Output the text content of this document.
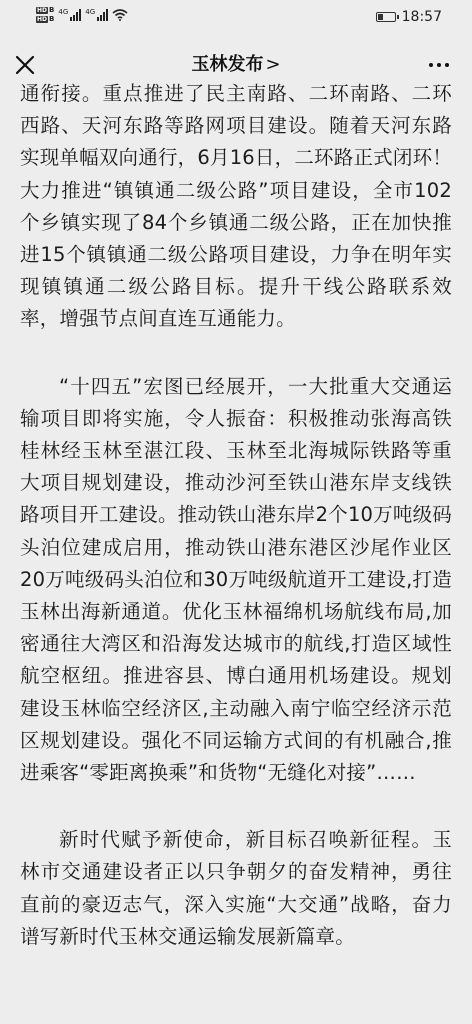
HD B
HD B
4G 4G	18:57
玉林发布 >

通衔接。重点推进了民主南路、二环南路、二环西路、天河东路等路网项目建设。随着天河东路实现单幅双向通行，6月16日，二环路正式闭环！大力推进“镇镇通二级公路”项目建设，全市102个乡镇实现了84个乡镇通二级公路，正在加快推进15个镇镇通二级公路项目建设，力争在明年实现镇镇通二级公路目标。提升干线公路联系效率，增强节点间直连互通能力。

“十四五”宏图已经展开，一大批重大交通运输项目即将实施，令人振奋：积极推动张海高铁桂林经玉林至湛江段、玉林至北海城际铁路等重大项目规划建设，推动沙河至铁山港东岸支线铁路项目开工建设。推动铁山港东岸2个10万吨级码头泊位建成启用，推动铁山港东港区沙尾作业区20万吨级码头泊位和30万吨级航道开工建设,打造玉林出海新通道。优化玉林福绵机场航线布局,加密通往大湾区和沿海发达城市的航线,打造区域性航空枢纽。推进容县、博白通用机场建设。规划建设玉林临空经济区,主动融入南宁临空经济示范区规划建设。强化不同运输方式间的有机融合,推进乘客“零距离换乘”和货物“无缝化对接”……

新时代赋予新使命，新目标召唤新征程。玉林市交通建设者正以只争朝夕的奋发精神，勇往直前的豪迈志气，深入实施“大交通”战略，奋力谱写新时代玉林交通运输发展新篇章。
